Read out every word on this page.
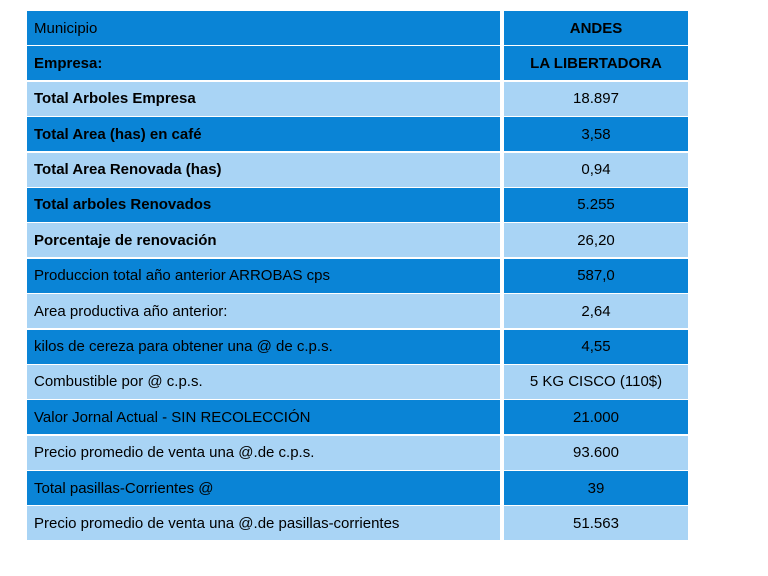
Municipio	ANDES
Empresa:	LA LIBERTADORA
Total Arboles Empresa	18.897
Total Area (has) en café	3,58
Total Area Renovada (has)	0,94
Total arboles Renovados	5.255
Porcentaje de renovación	26,20
Produccion total año anterior ARROBAS cps	587,0
Area productiva año anterior:	2,64
kilos de cereza para obtener una @ de c.p.s.	4,55
Combustible por @ c.p.s.	5 KG CISCO (110$)
Valor Jornal Actual - SIN RECOLECCIÓN	21.000
Precio promedio de venta una @.de c.p.s.	93.600
Total pasillas-Corrientes @	39
Precio promedio de venta una @.de pasillas-corrientes	51.563
